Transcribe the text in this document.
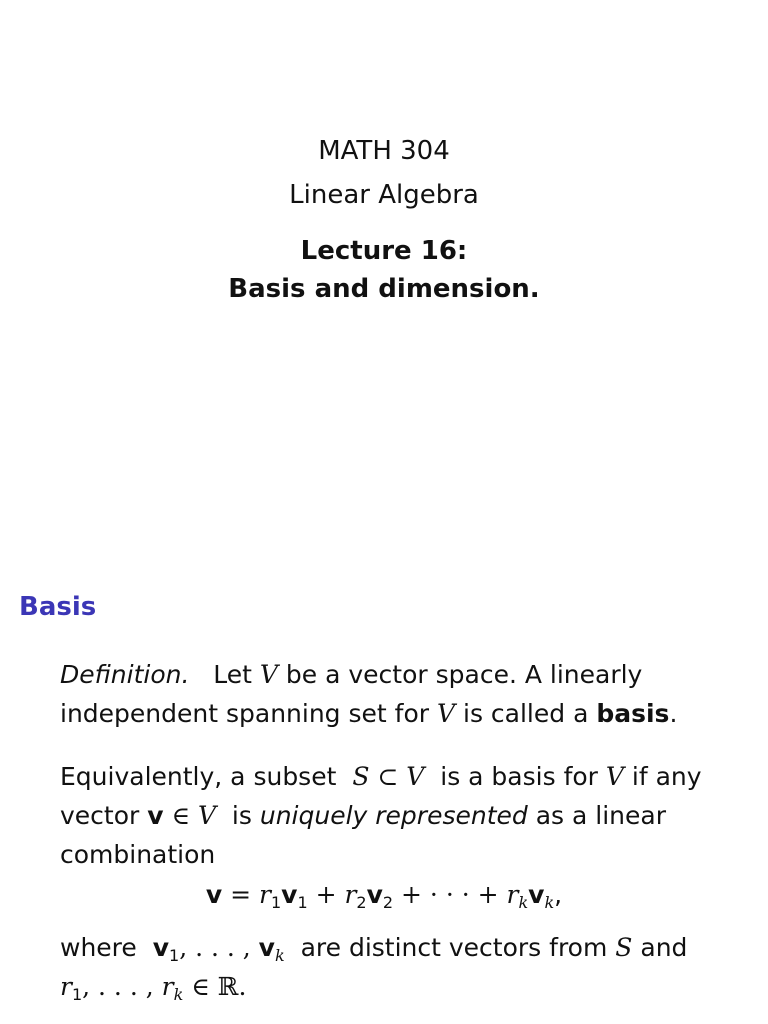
MATH 304
Linear Algebra
Lecture 16:
Basis and dimension.
Basis
Definition. Let V be a vector space. A linearly
independent spanning set for V is called a basis.
Equivalently, a subset S ⊂ V is a basis for V if any
vector v ∈ V is uniquely represented as a linear
combination
$v = r_1v_1 + r_2v_2$ + · · · + $r_kv_k$,
where $v_1$, . . . , $v_k$ are distinct vectors from S and
$r_1$, . . . , $r_k$ ∈ ℝ.
